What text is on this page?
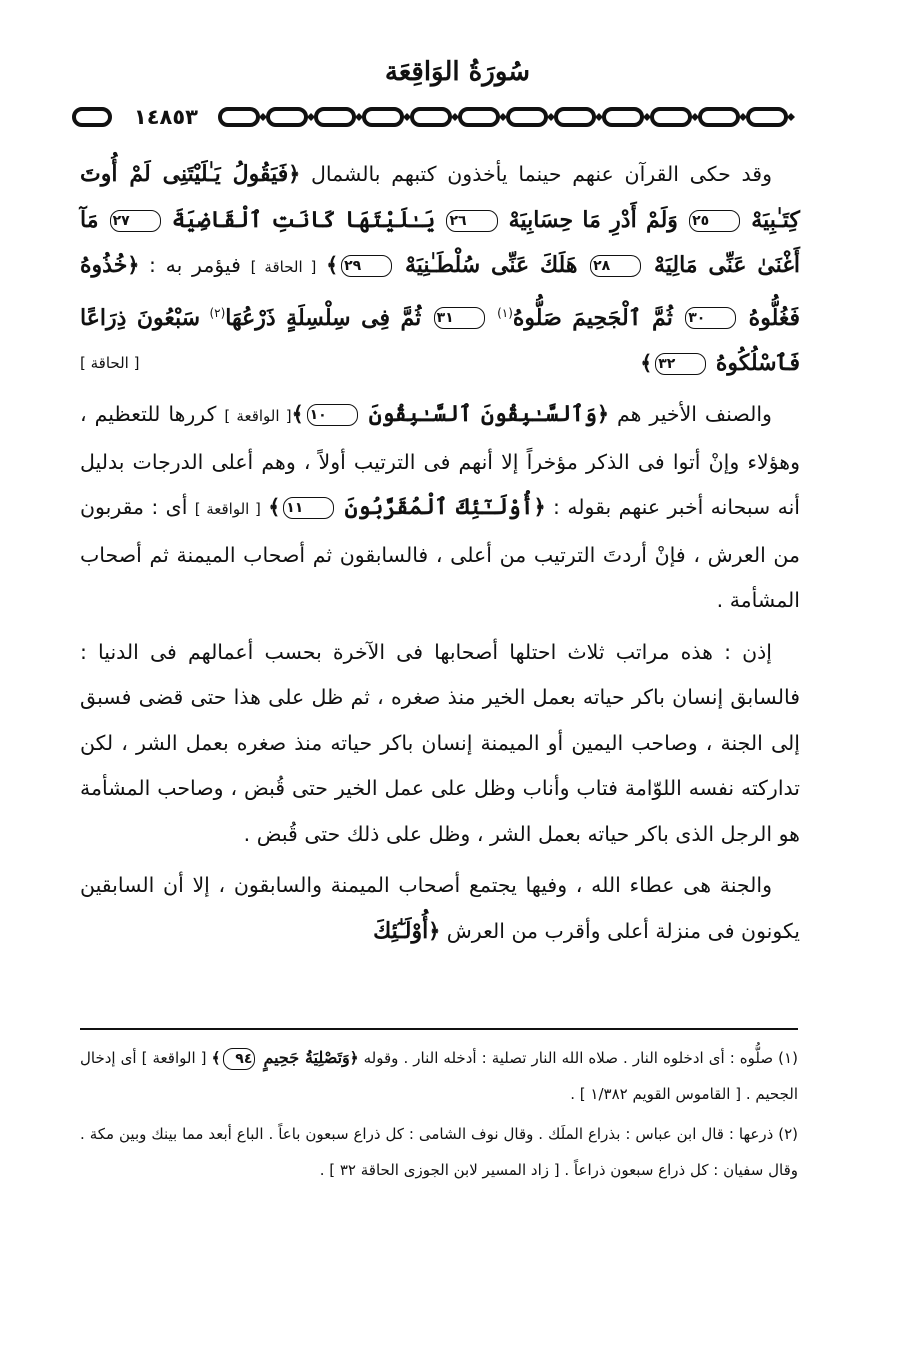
سُورَةُ الوَاقِعَة
١٤٨٥٣

وقد حكى القرآن عنهم حينما يأخذون كتبهم بالشمال ﴿فَيَقُولُ يَـٰلَيْتَنِى لَمْ أُوتَ كِتَـٰبِيَهْ ٢٥ وَلَمْ أَدْرِ مَا حِسَابِيَهْ ٢٦ يَـٰلَيْتَهَا كَانَتِ ٱلْقَاضِيَةَ ٢٧ مَآ أَغْنَىٰ عَنِّى مَالِيَهْ ٢٨ هَلَكَ عَنِّى سُلْطَـٰنِيَهْ ٢٩﴾ [ الحاقة ] فيؤمر به : ﴿خُذُوهُ فَغُلُّوهُ ٣٠ ثُمَّ ٱلْجَحِيمَ صَلُّوهُ$^{(١)}$ ٣١ ثُمَّ فِى سِلْسِلَةٍ ذَرْعُهَا$^{(٢)}$ سَبْعُونَ ذِرَاعًا فَٱسْلُكُوهُ ٣٢﴾
[ الحاقة ]

والصنف الأخير هم ﴿وَٱلسَّـٰبِقُونَ ٱلسَّـٰبِقُونَ ١٠﴾[ الواقعة ] كررها للتعظيم ، وهؤلاء وإنْ أتوا فى الذكر مؤخراً إلا أنهم فى الترتيب أولاً ، وهم أعلى الدرجات بدليل أنه سبحانه أخبر عنهم بقوله : ﴿أُوْلَـٰٓئِكَ ٱلْمُقَرَّبُونَ ١١﴾ [ الواقعة ] أى : مقربون من العرش ، فإنْ أردتَ الترتيب من أعلى ، فالسابقون ثم أصحاب الميمنة ثم أصحاب المشأمة .

إذن : هذه مراتب ثلاث احتلها أصحابها فى الآخرة بحسب أعمالهم فى الدنيا : فالسابق إنسان باكر حياته بعمل الخير منذ صغره ، ثم ظل على هذا حتى قضى فسبق إلى الجنة ، وصاحب اليمين أو الميمنة إنسان باكر حياته منذ صغره بعمل الشر ، لكن تداركته نفسه اللوّامة فتاب وأناب وظل على عمل الخير حتى قُبض ، وصاحب المشأمة هو الرجل الذى باكر حياته بعمل الشر ، وظل على ذلك حتى قُبض .

والجنة هى عطاء الله ، وفيها يجتمع أصحاب الميمنة والسابقون ، إلا أن السابقين يكونون فى منزلة أعلى وأقرب من العرش ﴿أُوْلَـٰٓئِكَ

(١) صلُّوه : أى ادخلوه النار . صلاه الله النار تصلية : أدخله النار . وقوله ﴿وَتَصْلِيَةُ جَحِيمٍ ٩٤﴾ [ الواقعة ] أى إدخال الجحيم . [ القاموس القويم ١/٣٨٢ ] .

(٢) ذرعها : قال ابن عباس : بذراع الملَك . وقال نوف الشامى : كل ذراع سبعون باعاً . الباع أبعد مما بينك وبين مكة . وقال سفيان : كل ذراع سبعون ذراعاً . [ زاد المسير لابن الجوزى الحاقة ٣٢ ] .
